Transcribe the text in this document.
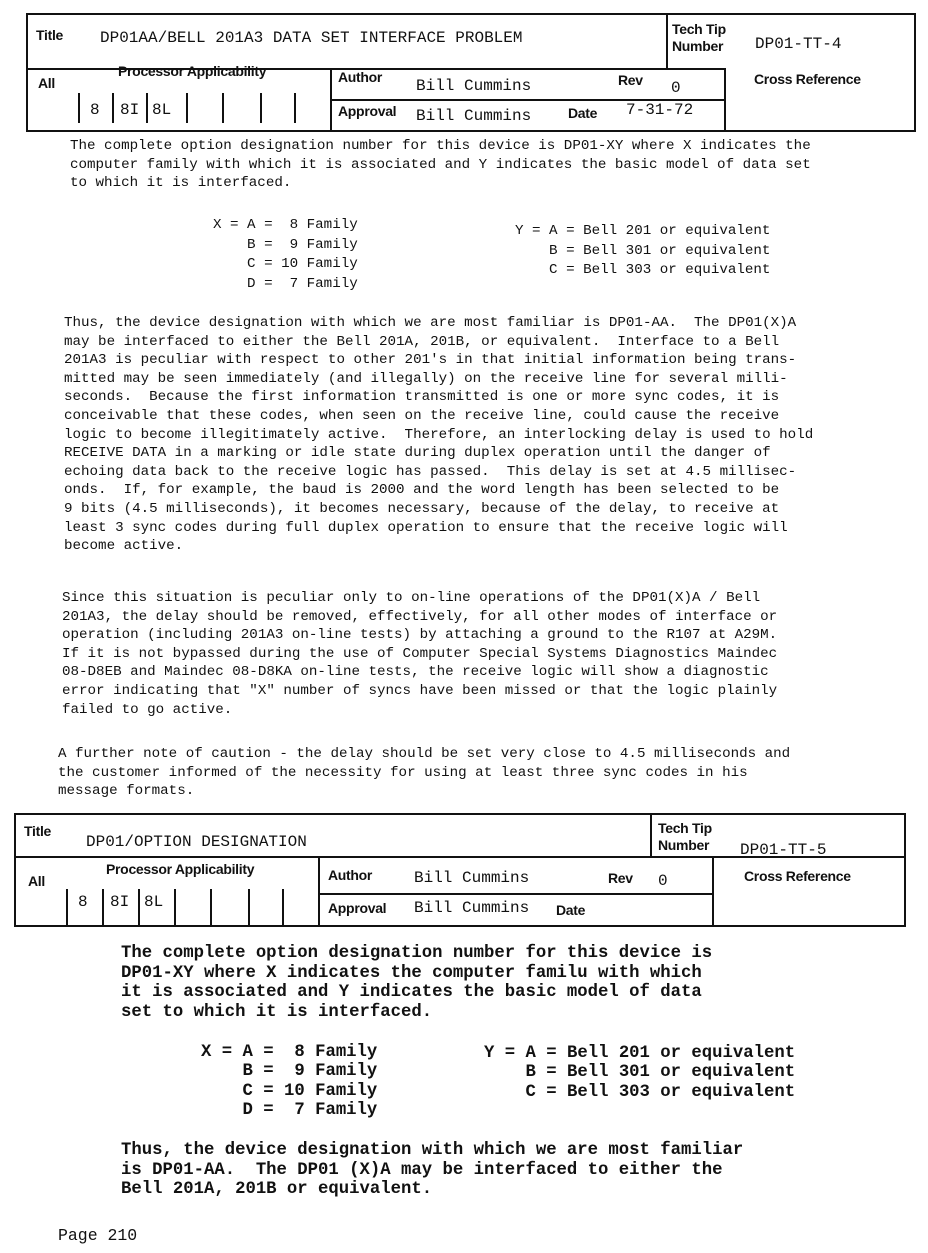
Title DP01AA/BELL 201A3 DATA SET INTERFACE PROBLEM	Tech Tip
Number DP01-TT-4
All
Processor Applicability
8 8I 8L
Author Bill Cummins	Rev 0
Approval Bill Cummins	Date 7-31-72
Cross Reference
The complete option designation number for this device is DP01-XY where X indicates the
computer family with which it is associated and Y indicates the basic model of data set
to which it is interfaced.
X = A =  8 Family
B =  9 Family
C = 10 Family
D =  7 Family
Y = A = Bell 201 or equivalent
B = Bell 301 or equivalent
C = Bell 303 or equivalent
Thus, the device designation with which we are most familiar is DP01-AA.  The DP01(X)A
may be interfaced to either the Bell 201A, 201B, or equivalent.  Interface to a Bell
201A3 is peculiar with respect to other 201's in that initial information being trans-
mitted may be seen immediately (and illegally) on the receive line for several milli-
seconds.  Because the first information transmitted is one or more sync codes, it is
conceivable that these codes, when seen on the receive line, could cause the receive
logic to become illegitimately active.  Therefore, an interlocking delay is used to hold
RECEIVE DATA in a marking or idle state during duplex operation until the danger of
echoing data back to the receive logic has passed.  This delay is set at 4.5 millisec-
onds.  If, for example, the baud is 2000 and the word length has been selected to be
9 bits (4.5 milliseconds), it becomes necessary, because of the delay, to receive at
least 3 sync codes during full duplex operation to ensure that the receive logic will
become active.
Since this situation is peculiar only to on-line operations of the DP01(X)A / Bell
201A3, the delay should be removed, effectively, for all other modes of interface or
operation (including 201A3 on-line tests) by attaching a ground to the R107 at A29M.
If it is not bypassed during the use of Computer Special Systems Diagnostics Maindec
08-D8EB and Maindec 08-D8KA on-line tests, the receive logic will show a diagnostic
error indicating that "X" number of syncs have been missed or that the logic plainly
failed to go active.
A further note of caution - the delay should be set very close to 4.5 milliseconds and
the customer informed of the necessity for using at least three sync codes in his
message formats.
Title
DP01/OPTION DESIGNATION
Tech Tip
Number DP01-TT-5
All
Processor Applicability
8 8I 8L
Author	Bill Cummins	Rev 0
Approval Bill Cummins Date
Cross Reference
The complete option designation number for this device is
DP01-XY where X indicates the computer familu with which
it is associated and Y indicates the basic model of data
set to which it is interfaced.
X = A =  8 Family
B =  9 Family
C = 10 Family
D =  7 Family
Y = A = Bell 201 or equivalent
B = Bell 301 or equivalent
C = Bell 303 or equivalent
Thus, the device designation with which we are most familiar
is DP01-AA.  The DP01 (X)A may be interfaced to either the
Bell 201A, 201B or equivalent.
Page 210
